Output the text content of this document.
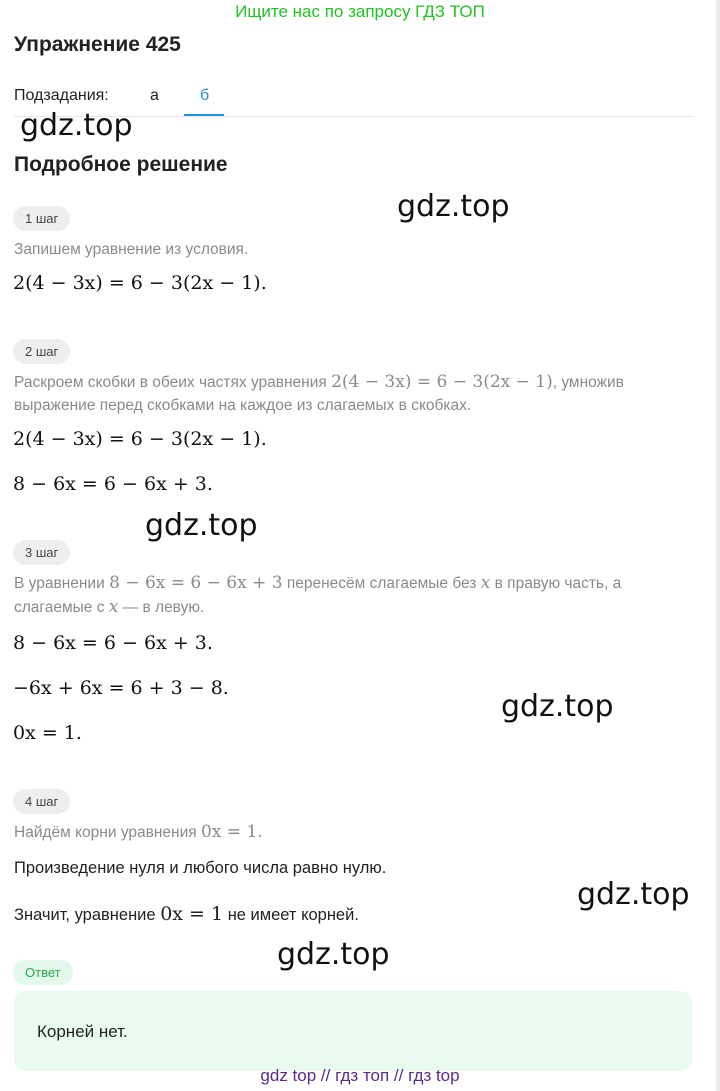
Ищите нас по запросу ГДЗ ТОП
Упражнение 425
Подзадания:	а	б
gdz.top
Подробное решение
gdz.top
1 шаг
Запишем уравнение из условия.
2(4 − 3x) = 6 − 3(2x − 1).
2 шаг
Раскроем скобки в обеих частях уравнения 2(4 − 3x) = 6 − 3(2x − 1), умножив
выражение перед скобками на каждое из слагаемых в скобках.
2(4 − 3x) = 6 − 3(2x − 1).
8 − 6x = 6 − 6x + 3.
gdz.top
3 шаг
В уравнении 8 − 6x = 6 − 6x + 3 перенесём слагаемые без x в правую часть, а
слагаемые с x — в левую.
8 − 6x = 6 − 6x + 3.
−6x + 6x = 6 + 3 − 8.
0x = 1.
gdz.top
4 шаг
Найдём корни уравнения 0x = 1.
Произведение нуля и любого числа равно нулю.
Значит, уравнение 0x = 1 не имеет корней.
gdz.top
gdz.top
Ответ
Корней нет.
gdz top // гдз топ // гдз top
